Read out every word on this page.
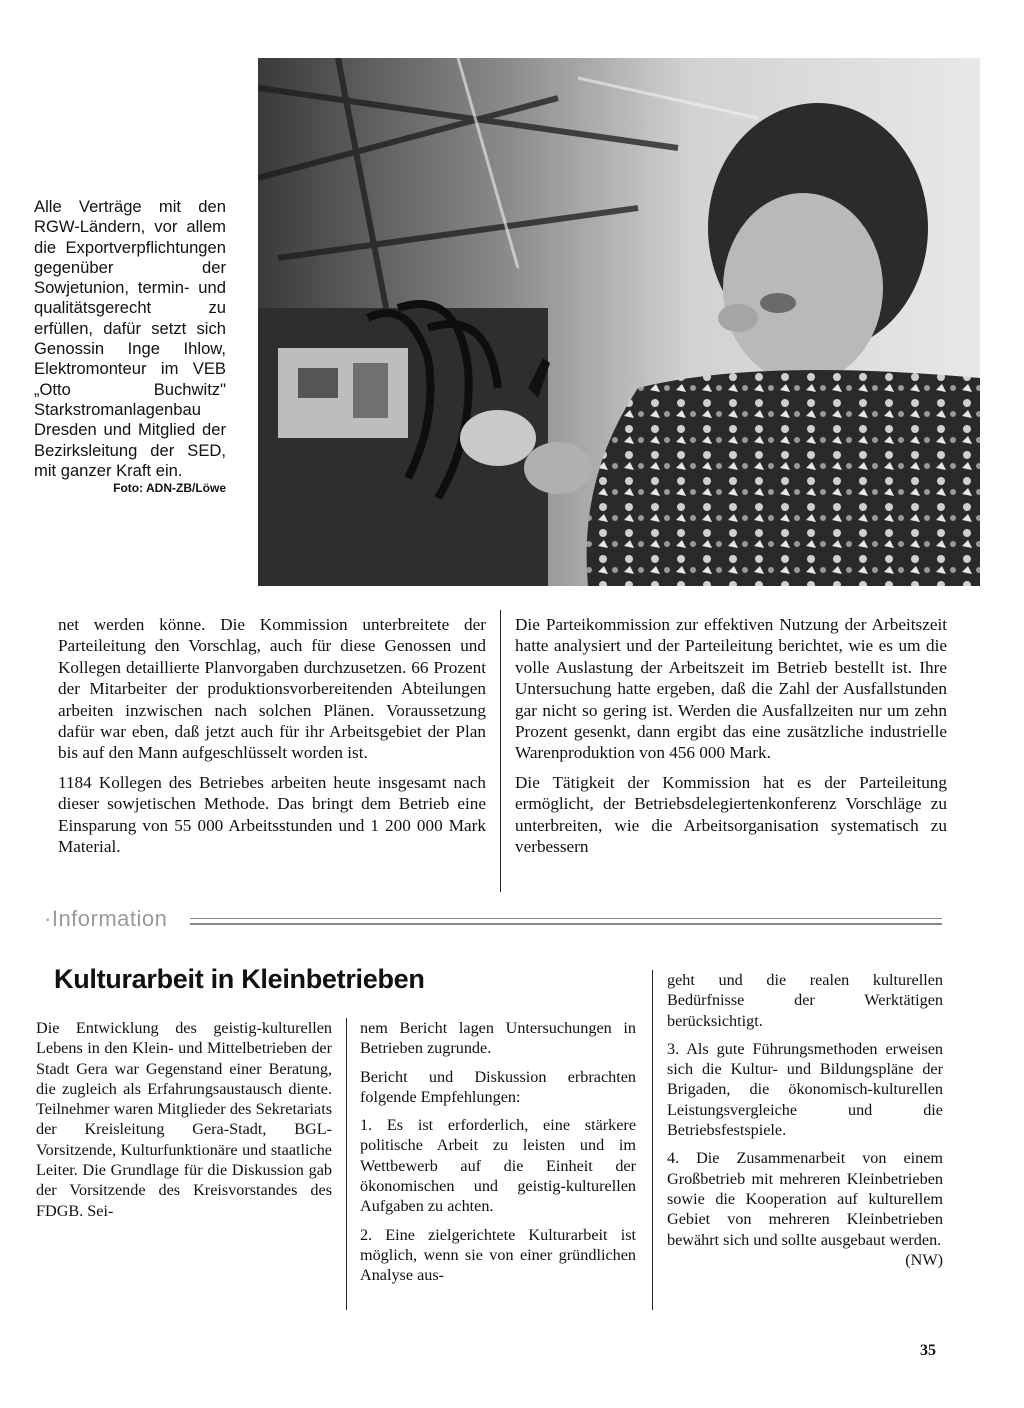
Alle Verträge mit den RGW-Ländern, vor allem die Exportverpflichtungen gegenüber der Sowjetunion, termin- und qualitätsgerecht zu erfüllen, dafür setzt sich Genossin Inge Ihlow, Elektromonteur im VEB „Otto Buchwitz" Starkstromanlagenbau Dresden und Mitglied der Bezirksleitung der SED, mit ganzer Kraft ein.
Foto: ADN-ZB/Löwe

net werden könne. Die Kommission unterbreitete der Parteileitung den Vorschlag, auch für diese Genossen und Kollegen detaillierte Planvorgaben durchzusetzen. 66 Prozent der Mitarbeiter der produktionsvorbereitenden Abteilungen arbeiten inzwischen nach solchen Plänen. Voraussetzung dafür war eben, daß jetzt auch für ihr Arbeitsgebiet der Plan bis auf den Mann aufgeschlüsselt worden ist.

1184 Kollegen des Betriebes arbeiten heute insgesamt nach dieser sowjetischen Methode. Das bringt dem Betrieb eine Einsparung von 55 000 Arbeitsstunden und 1 200 000 Mark Material.

Die Parteikommission zur effektiven Nutzung der Arbeitszeit hatte analysiert und der Parteileitung berichtet, wie es um die volle Auslastung der Arbeitszeit im Betrieb bestellt ist. Ihre Untersuchung hatte ergeben, daß die Zahl der Ausfallstunden gar nicht so gering ist. Werden die Ausfallzeiten nur um zehn Prozent gesenkt, dann ergibt das eine zusätzliche industrielle Warenproduktion von 456 000 Mark.

Die Tätigkeit der Kommission hat es der Parteileitung ermöglicht, der Betriebsdelegiertenkonferenz Vorschläge zu unterbreiten, wie die Arbeitsorganisation systematisch zu verbessern

·Information
Kulturarbeit in Kleinbetrieben

Die Entwicklung des geistig-kulturellen Lebens in den Klein- und Mittelbetrieben der Stadt Gera war Gegenstand einer Beratung, die zugleich als Erfahrungsaustausch diente. Teilnehmer waren Mitglieder des Sekretariats der Kreisleitung Gera-Stadt, BGL-Vorsitzende, Kulturfunktionäre und staatliche Leiter. Die Grundlage für die Diskussion gab der Vorsitzende des Kreisvorstandes des FDGB. Sei-

nem Bericht lagen Untersuchungen in Betrieben zugrunde.

Bericht und Diskussion erbrachten folgende Empfehlungen:

1. Es ist erforderlich, eine stärkere politische Arbeit zu leisten und im Wettbewerb auf die Einheit der ökonomischen und geistig-kulturellen Aufgaben zu achten.

2. Eine zielgerichtete Kulturarbeit ist möglich, wenn sie von einer gründlichen Analyse aus-

geht und die realen kulturellen Bedürfnisse der Werktätigen berücksichtigt.

3. Als gute Führungsmethoden erweisen sich die Kultur- und Bildungspläne der Brigaden, die ökonomisch-kulturellen Leistungsvergleiche und die Betriebsfestspiele.

4. Die Zusammenarbeit von einem Großbetrieb mit mehreren Kleinbetrieben sowie die Kooperation auf kulturellem Gebiet von mehreren Kleinbetrieben bewährt sich und sollte ausgebaut werden.
(NW)

35
